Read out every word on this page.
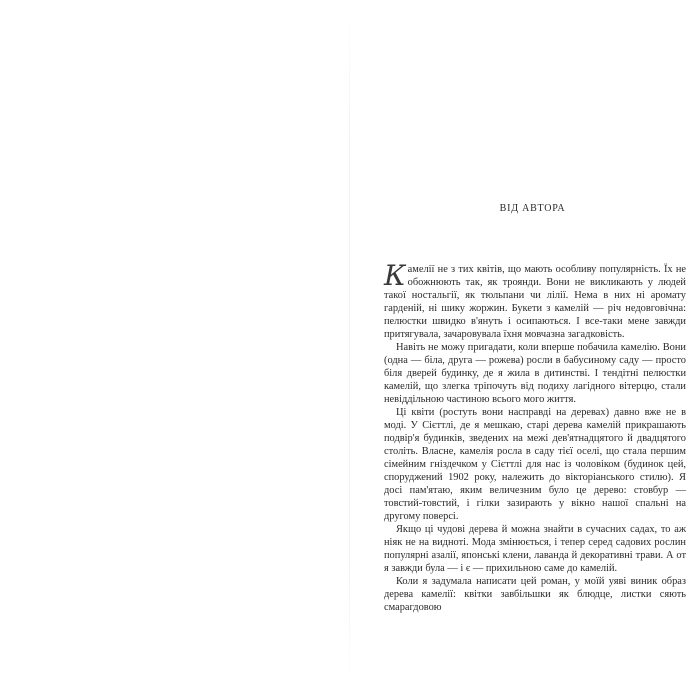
ВІД АВТОРА

Камелії не з тих квітів, що мають особливу популярність. Їх не обожнюють так, як троянди. Вони не викликають у людей такої ностальгії, як тюльпани чи лілії. Нема в них ні аромату гарденій, ні шику жоржин. Букети з камелій — річ недовговічна: пелюстки швидко в'януть і осипаються. І все-таки мене завжди притягувала, зачаровувала їхня мовчазна загадковість.

Навіть не можу пригадати, коли вперше побачила камелію. Вони (одна — біла, друга — рожева) росли в бабусиному саду — просто біля дверей будинку, де я жила в дитинстві. І тендітні пелюстки камелій, що злегка тріпочуть від подиху лагідного вітерцю, стали невіддільною частиною всього мого життя.

Ці квіти (ростуть вони насправді на деревах) давно вже не в моді. У Сієттлі, де я мешкаю, старі дерева камелій прикрашають подвір'я будинків, зведених на межі дев'ятнадцятого й двадцятого століть. Власне, камелія росла в саду тієї оселі, що стала першим сімейним гніздечком у Сієттлі для нас із чоловіком (будинок цей, споруджений 1902 року, належить до вікторіанського стилю). Я досі пам'ятаю, яким величезним було це дерево: стовбур — товстий-товстий, і гілки зазирають у вікно нашої спальні на другому поверсі.

Якщо ці чудові дерева й можна знайти в сучасних садах, то аж ніяк не на видноті. Мода змінюється, і тепер серед садових рослин популярні азалії, японські клени, лаванда й декоративні трави. А от я завжди була — і є — прихильною саме до камелій.

Коли я задумала написати цей роман, у моїй уяві виник образ дерева камелії: квітки завбільшки як блюдце, листки сяють смарагдовою
